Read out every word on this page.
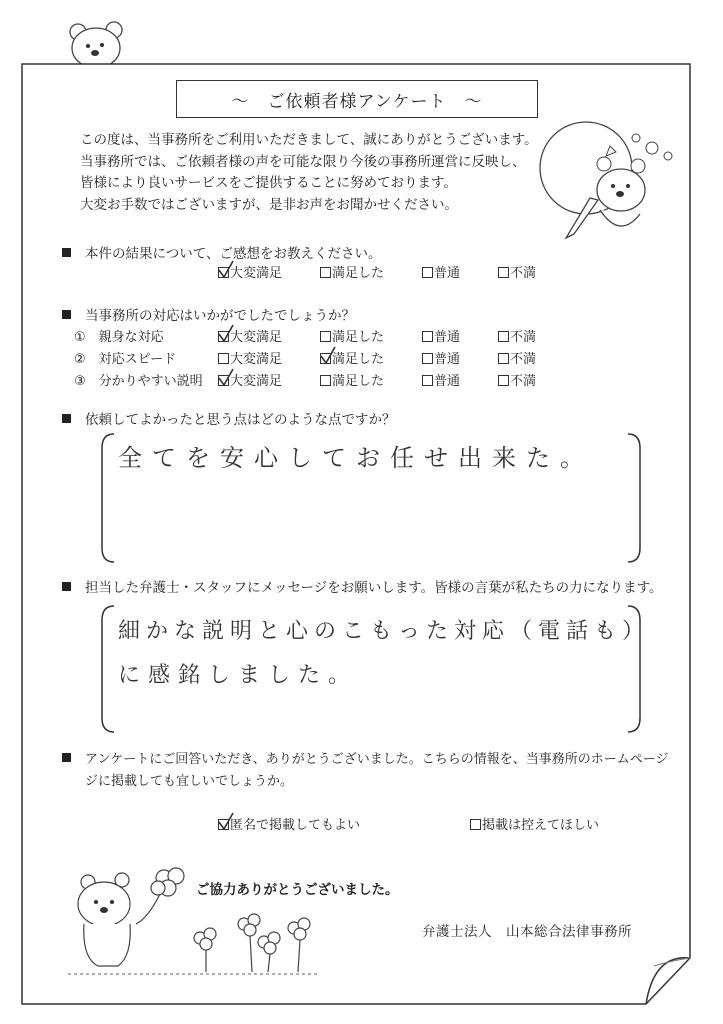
～　ご依頼者様アンケート　～
この度は、当事務所をご利用いただきまして、誠にありがとうございます。
当事務所では、ご依頼者様の声を可能な限り今後の事務所運営に反映し、
皆様により良いサービスをご提供することに努めております。
大変お手数ではございますが、是非お声をお聞かせください。
本件の結果について、ご感想をお教えください。
大変満足	満足した	普通	不満
当事務所の対応はいかがでしたでしょうか？
①　 親身な対応	大変満足	満足した	普通	不満
②　 対応スピード	大変満足	満足した	普通	不満
③　 分かりやすい説明	大変満足	満足した	普通	不満
依頼してよかったと思う点はどのような点ですか？
全てを安心してお任せ出来た。
担当した弁護士・スタッフにメッセージをお願いします。皆様の言葉が私たちの力になります。
細かな説明と心のこもった対応（電話も）
に感銘しました。
アンケートにご回答いただき、ありがとうございました。こちらの情報を、当事務所のホームページ
ジに掲載しても宜しいでしょうか。
匿名で掲載してもよい	掲載は控えてほしい
ご協力ありがとうございました。
弁護士法人　 山本総合法律事務所
